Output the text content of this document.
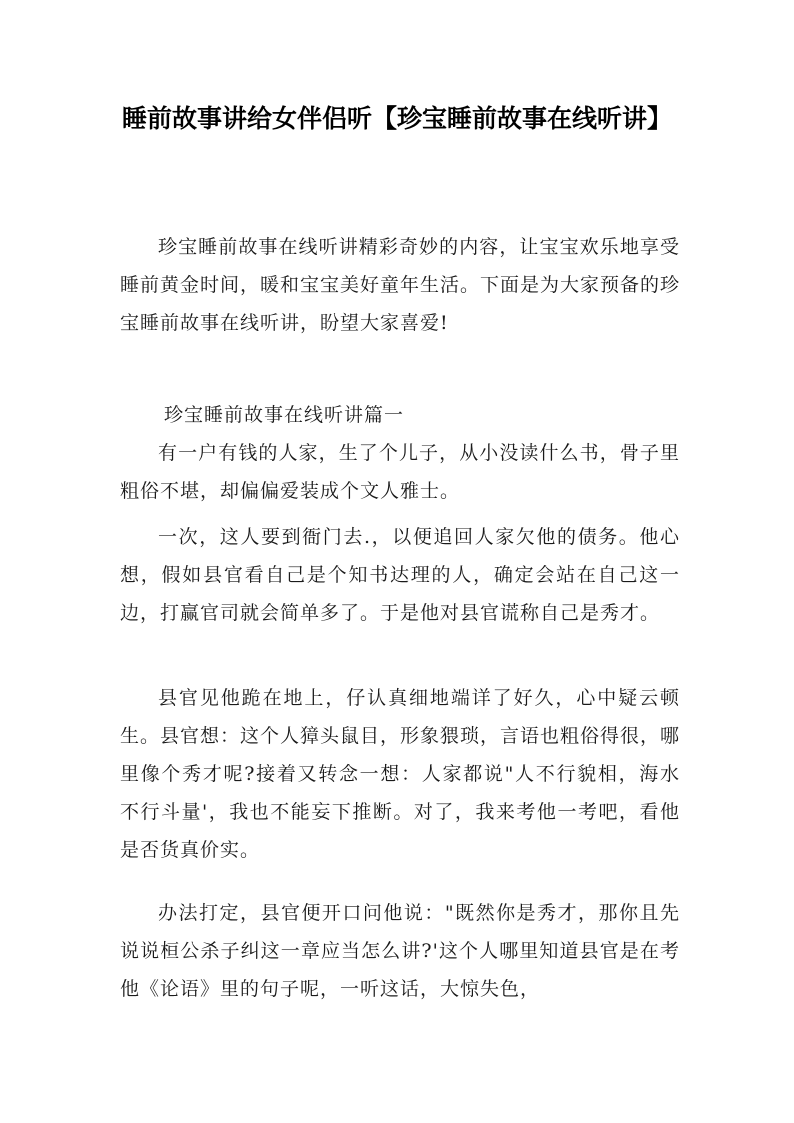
睡前故事讲给女伴侣听【珍宝睡前故事在线听讲】

珍宝睡前故事在线听讲精彩奇妙的内容，让宝宝欢乐地享受睡前黄金时间，暖和宝宝美好童年生活。下面是为大家预备的珍宝睡前故事在线听讲，盼望大家喜爱!

珍宝睡前故事在线听讲篇一

有一户有钱的人家，生了个儿子，从小没读什么书，骨子里粗俗不堪，却偏偏爱装成个文人雅士。

一次，这人要到衙门去.，以便追回人家欠他的债务。他心想，假如县官看自己是个知书达理的人，确定会站在自己这一边，打赢官司就会简单多了。于是他对县官谎称自己是秀才。

县官见他跪在地上，仔认真细地端详了好久，心中疑云顿生。县官想：这个人獐头鼠目，形象猥琐，言语也粗俗得很，哪里像个秀才呢?接着又转念一想：人家都说"人不行貌相，海水不行斗量'，我也不能妄下推断。对了，我来考他一考吧，看他是否货真价实。

办法打定，县官便开口问他说："既然你是秀才，那你且先说说桓公杀子纠这一章应当怎么讲?'这个人哪里知道县官是在考他《论语》里的句子呢，一听这话，大惊失色，
